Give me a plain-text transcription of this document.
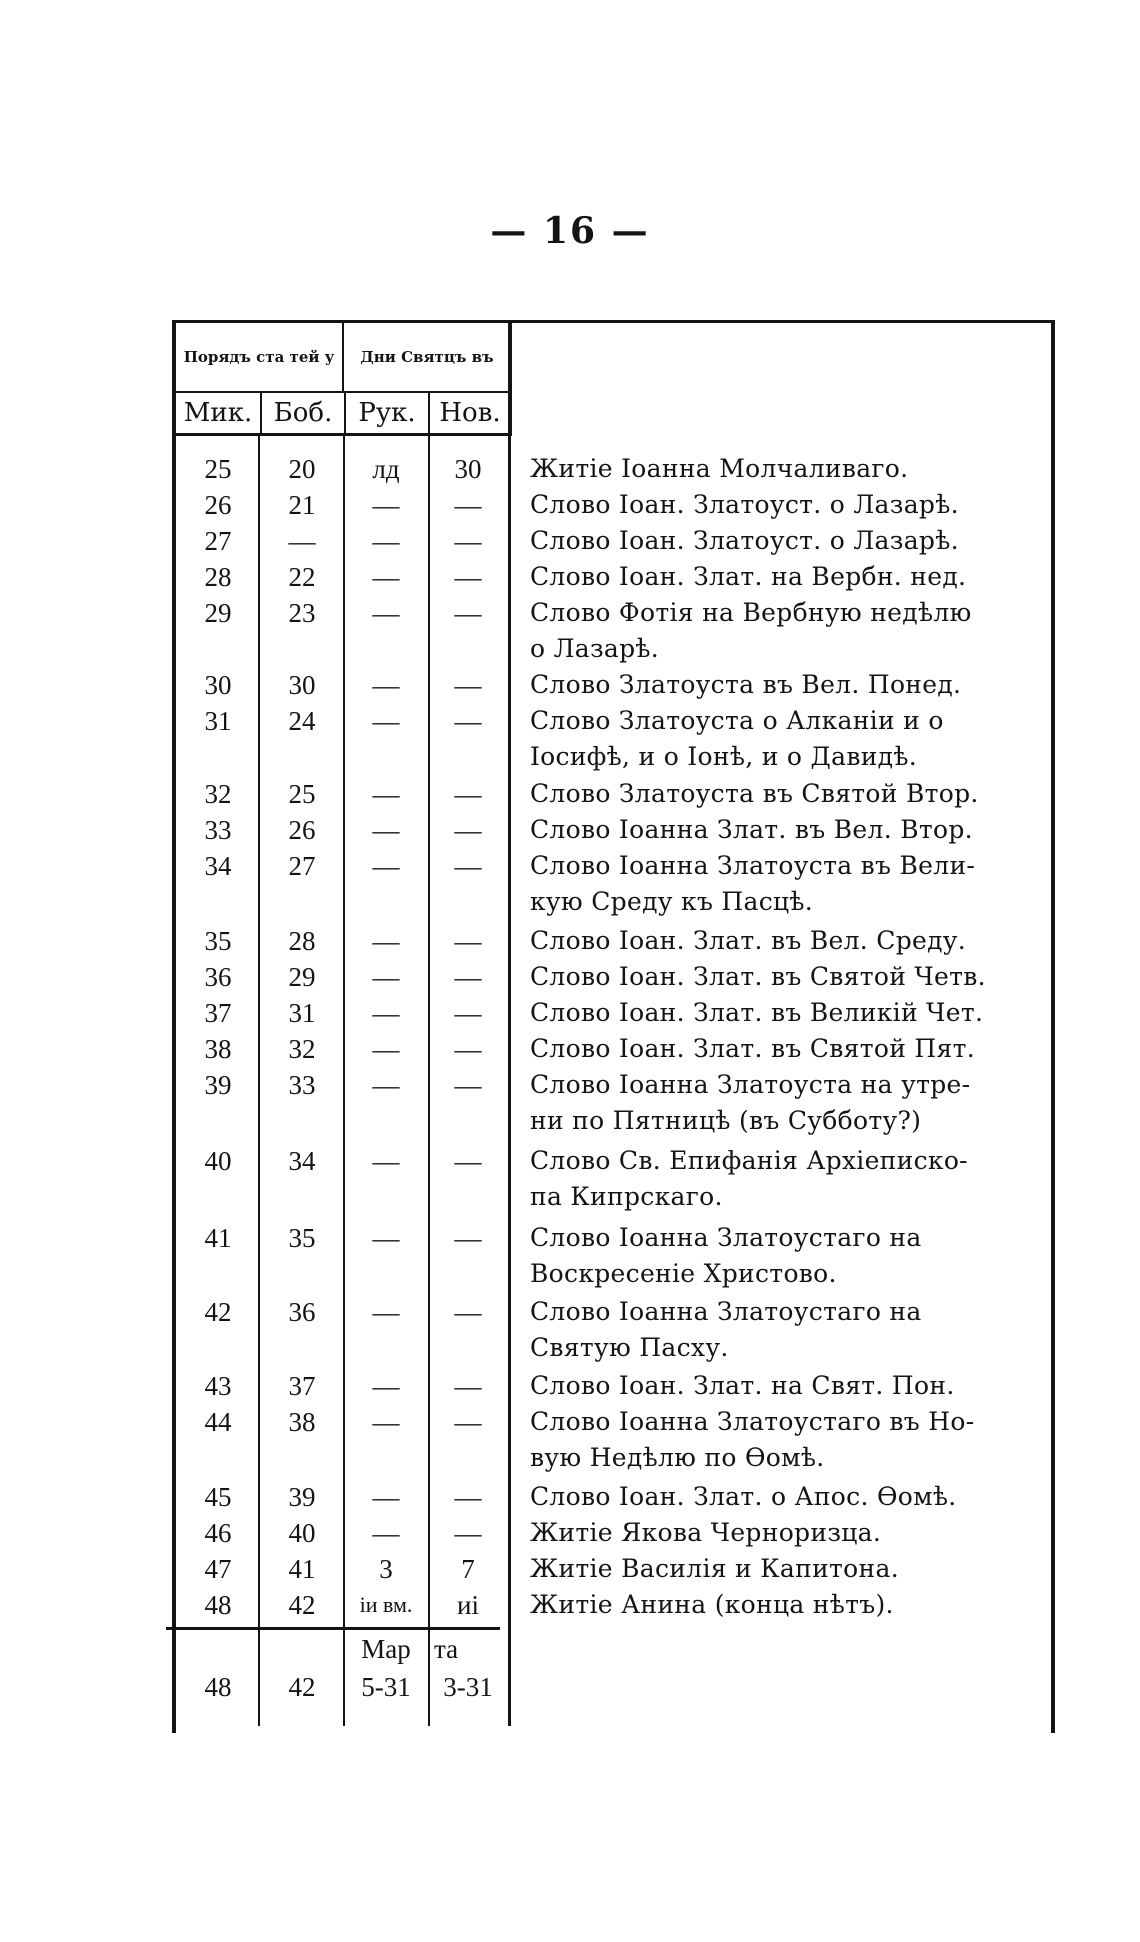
— 16 —
Порядъ ста тей у	Дни Святцъ въ
Мик. Боб.	Рук. Нов.
25	20	лд	30	Житіе Іоанна Молчаливаго.
26	21	—	—	Слово Іоан. Златоуст. о Лазарѣ.
27	—	—	—	Слово Іоан. Златоуст. о Лазарѣ.
28	22	—	—	Слово Іоан. Злат. на Вербн. нед.
29	23	—	—	Слово Фотія на Вербную недѣлю
о Лазарѣ.
30	30	—	—	Слово Златоуста въ Вел. Понед.
31	24	—	—	Слово Златоуста о Алканіи и о
Іосифѣ, и о Іонѣ, и о Давидѣ.
32	25	—	—	Слово Златоуста въ Святой Втор.
33	26	—	—	Слово Іоанна Злат. въ Вел. Втор.
34	27	—	—	Слово Іоанна Златоуста въ Вели-
кую Среду къ Пасцѣ.
35	28	—	—	Слово Іоан. Злат. въ Вел. Среду.
36	29	—	—	Слово Іоан. Злат. въ Святой Четв.
37	31	—	—	Слово Іоан. Злат. въ Великій Чет.
38	32	—	—	Слово Іоан. Злат. въ Святой Пят.
39	33	—	—	Слово Іоанна Златоуста на утре-
ни по Пятницѣ (въ Субботу?)
40	34	—	—	Слово Св. Епифанія Архіеписко-
па Кипрскаго.
41	35	—	—	Слово Іоанна Златоустаго на
Воскресеніе Христово.
42	36	—	—	Слово Іоанна Златоустаго на
Святую Пасху.
43	37	—	—	Слово Іоан. Злат. на Свят. Пон.
44	38	—	—	Слово Іоанна Златоустаго въ Но-
вую Недѣлю по Ѳомѣ.
45	39	—	—	Слово Іоан. Злат. о Апос. Ѳомѣ.
46	40	—	—	Житіе Якова Черноризца.
47	41	3	7	Житіе Василія и Капитона.
48	42	іи вм.	иі	Житіе Анина (конца нѣтъ).
Мар та
48	42	5-31	3-31
